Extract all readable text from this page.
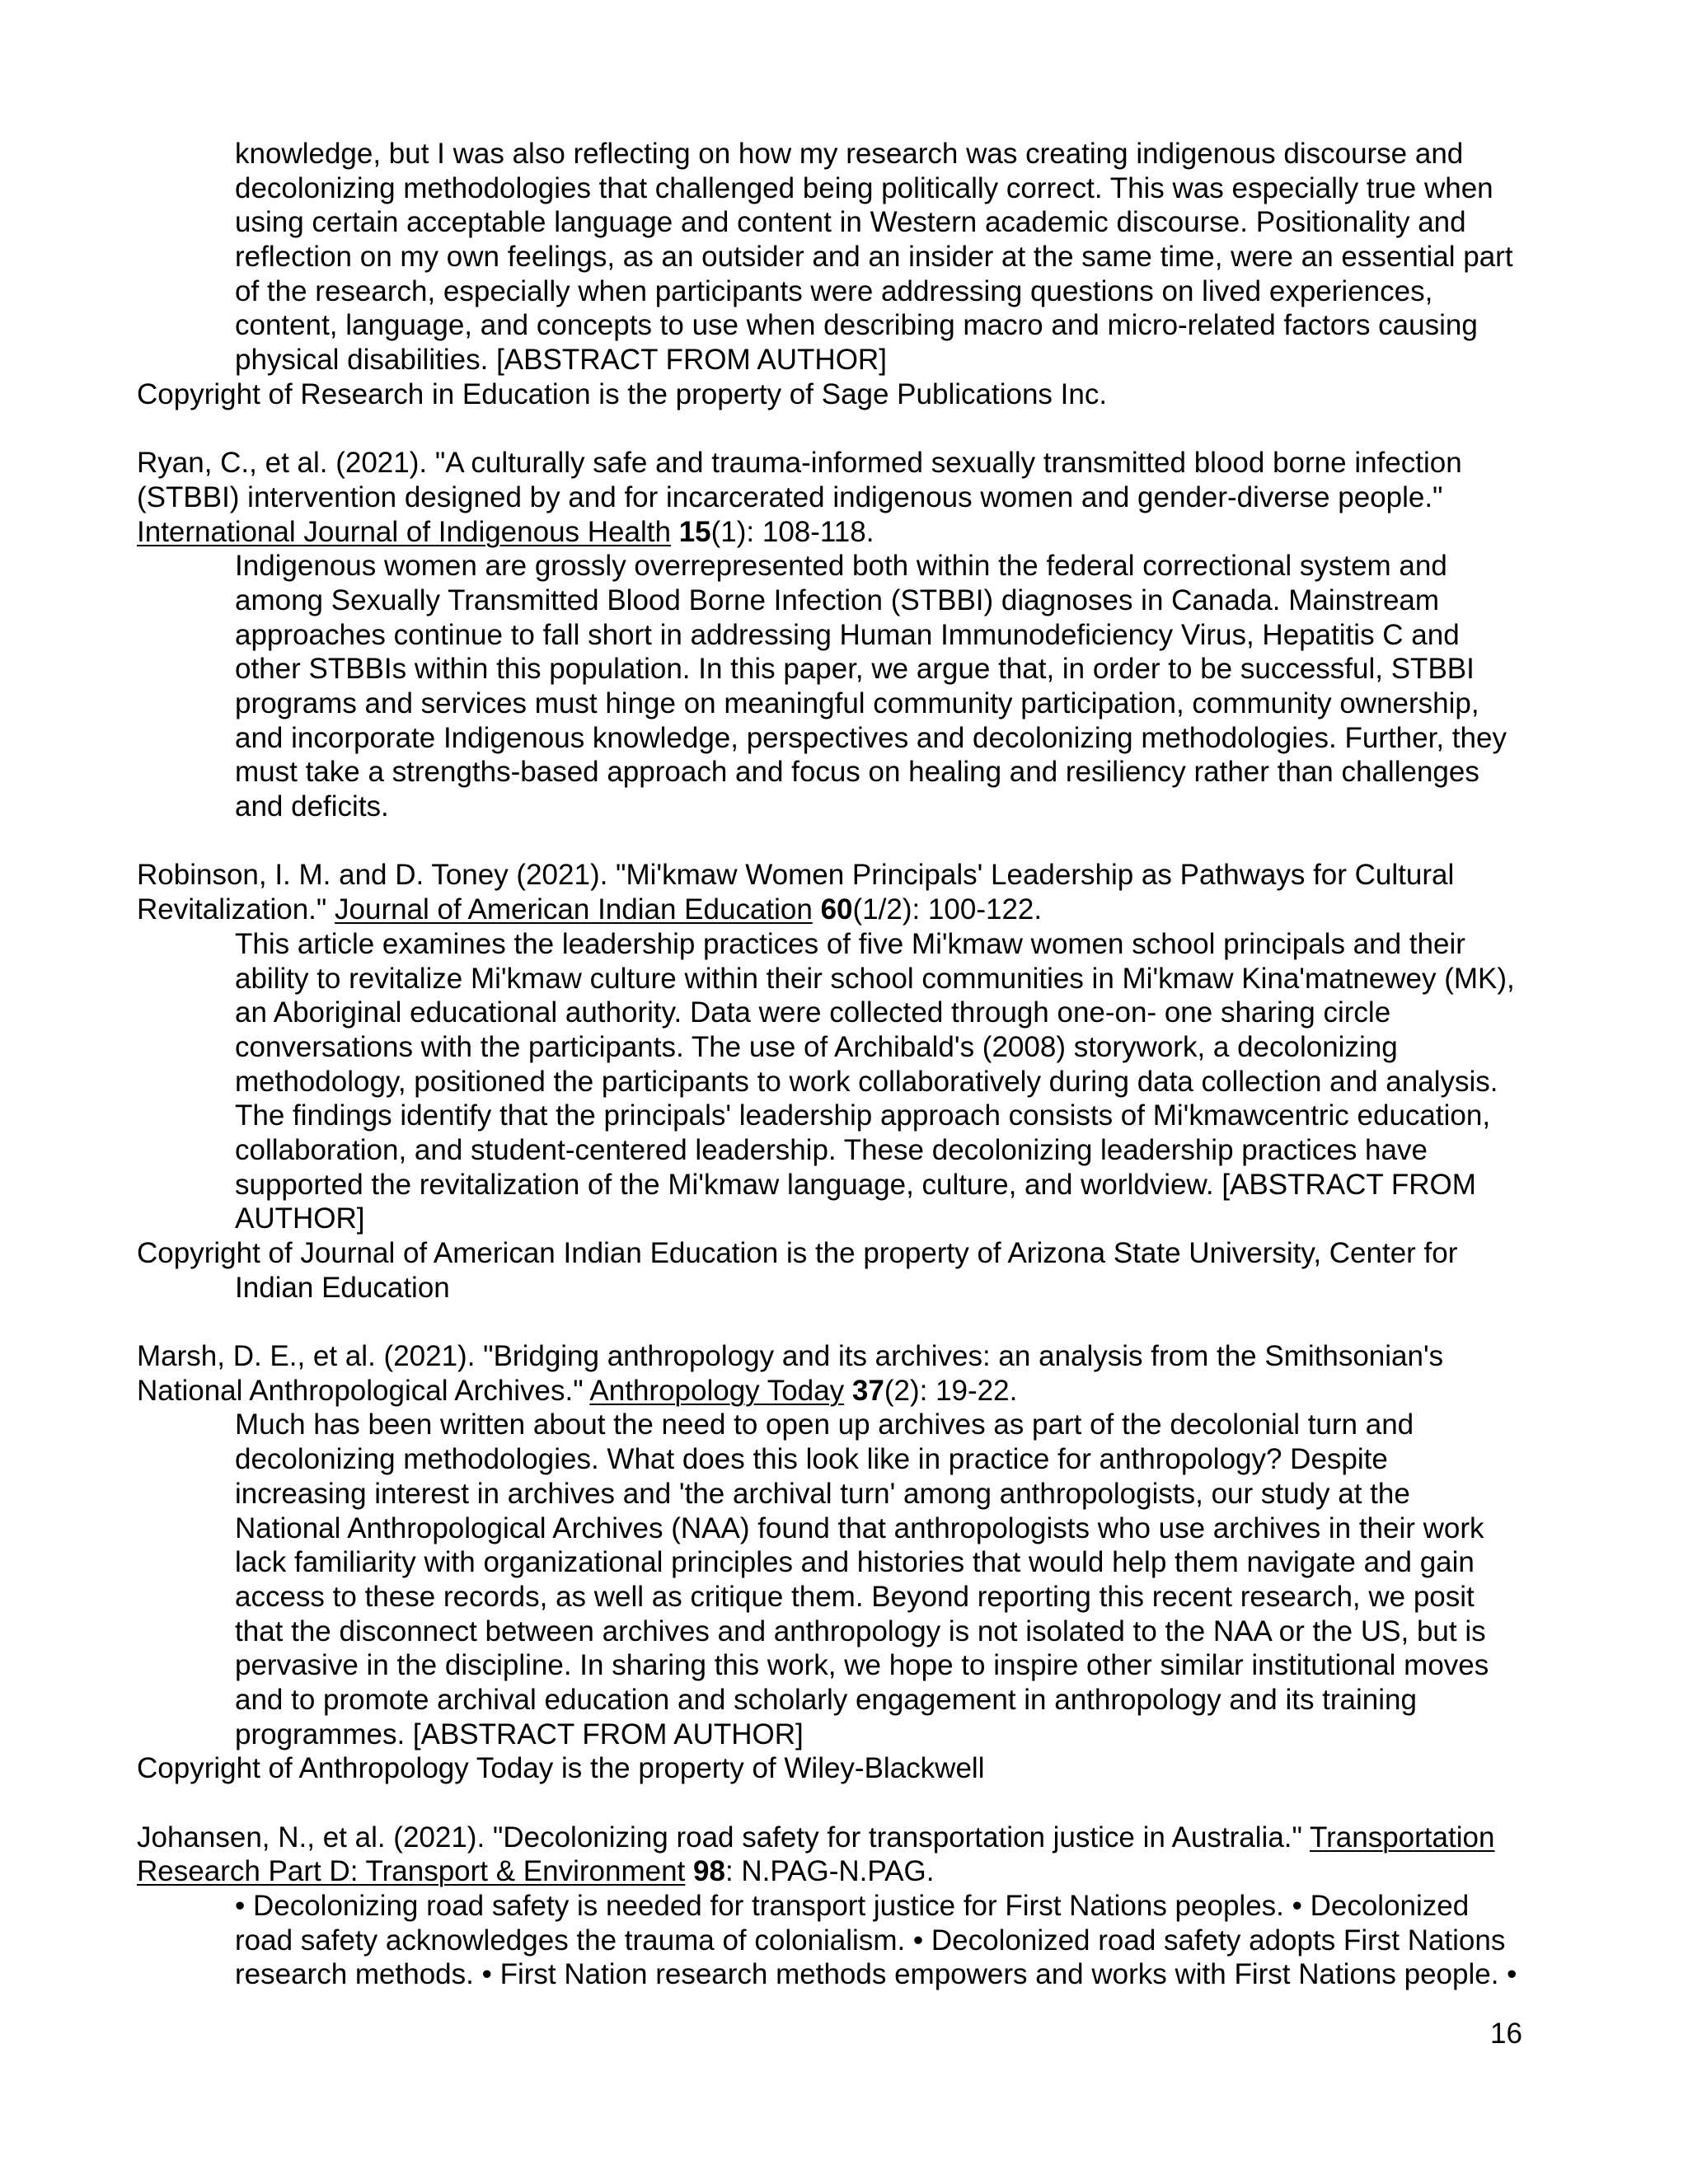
knowledge, but I was also reflecting on how my research was creating indigenous discourse and
decolonizing methodologies that challenged being politically correct. This was especially true when
using certain acceptable language and content in Western academic discourse. Positionality and
reflection on my own feelings, as an outsider and an insider at the same time, were an essential part
of the research, especially when participants were addressing questions on lived experiences,
content, language, and concepts to use when describing macro and micro-related factors causing
physical disabilities. [ABSTRACT FROM AUTHOR]
Copyright of Research in Education is the property of Sage Publications Inc.
Ryan, C., et al. (2021). "A culturally safe and trauma-informed sexually transmitted blood borne infection
(STBBI) intervention designed by and for incarcerated indigenous women and gender-diverse people."
International Journal of Indigenous Health 15(1): 108-118.
Indigenous women are grossly overrepresented both within the federal correctional system and
among Sexually Transmitted Blood Borne Infection (STBBI) diagnoses in Canada. Mainstream
approaches continue to fall short in addressing Human Immunodeficiency Virus, Hepatitis C and
other STBBIs within this population. In this paper, we argue that, in order to be successful, STBBI
programs and services must hinge on meaningful community participation, community ownership,
and incorporate Indigenous knowledge, perspectives and decolonizing methodologies. Further, they
must take a strengths-based approach and focus on healing and resiliency rather than challenges
and deficits.
Robinson, I. M. and D. Toney (2021). "Mi'kmaw Women Principals' Leadership as Pathways for Cultural
Revitalization." Journal of American Indian Education 60(1/2): 100-122.
This article examines the leadership practices of five Mi'kmaw women school principals and their
ability to revitalize Mi'kmaw culture within their school communities in Mi'kmaw Kina'matnewey (MK),
an Aboriginal educational authority. Data were collected through one-on- one sharing circle
conversations with the participants. The use of Archibald's (2008) storywork, a decolonizing
methodology, positioned the participants to work collaboratively during data collection and analysis.
The findings identify that the principals' leadership approach consists of Mi'kmawcentric education,
collaboration, and student-centered leadership. These decolonizing leadership practices have
supported the revitalization of the Mi'kmaw language, culture, and worldview. [ABSTRACT FROM
AUTHOR]
Copyright of Journal of American Indian Education is the property of Arizona State University, Center for
Indian Education
Marsh, D. E., et al. (2021). "Bridging anthropology and its archives: an analysis from the Smithsonian's
National Anthropological Archives." Anthropology Today 37(2): 19-22.
Much has been written about the need to open up archives as part of the decolonial turn and
decolonizing methodologies. What does this look like in practice for anthropology? Despite
increasing interest in archives and 'the archival turn' among anthropologists, our study at the
National Anthropological Archives (NAA) found that anthropologists who use archives in their work
lack familiarity with organizational principles and histories that would help them navigate and gain
access to these records, as well as critique them. Beyond reporting this recent research, we posit
that the disconnect between archives and anthropology is not isolated to the NAA or the US, but is
pervasive in the discipline. In sharing this work, we hope to inspire other similar institutional moves
and to promote archival education and scholarly engagement in anthropology and its training
programmes. [ABSTRACT FROM AUTHOR]
Copyright of Anthropology Today is the property of Wiley-Blackwell
Johansen, N., et al. (2021). "Decolonizing road safety for transportation justice in Australia." Transportation
Research Part D: Transport & Environment 98: N.PAG-N.PAG.
• Decolonizing road safety is needed for transport justice for First Nations peoples. • Decolonized
road safety acknowledges the trauma of colonialism. • Decolonized road safety adopts First Nations
research methods. • First Nation research methods empowers and works with First Nations people. •
16
